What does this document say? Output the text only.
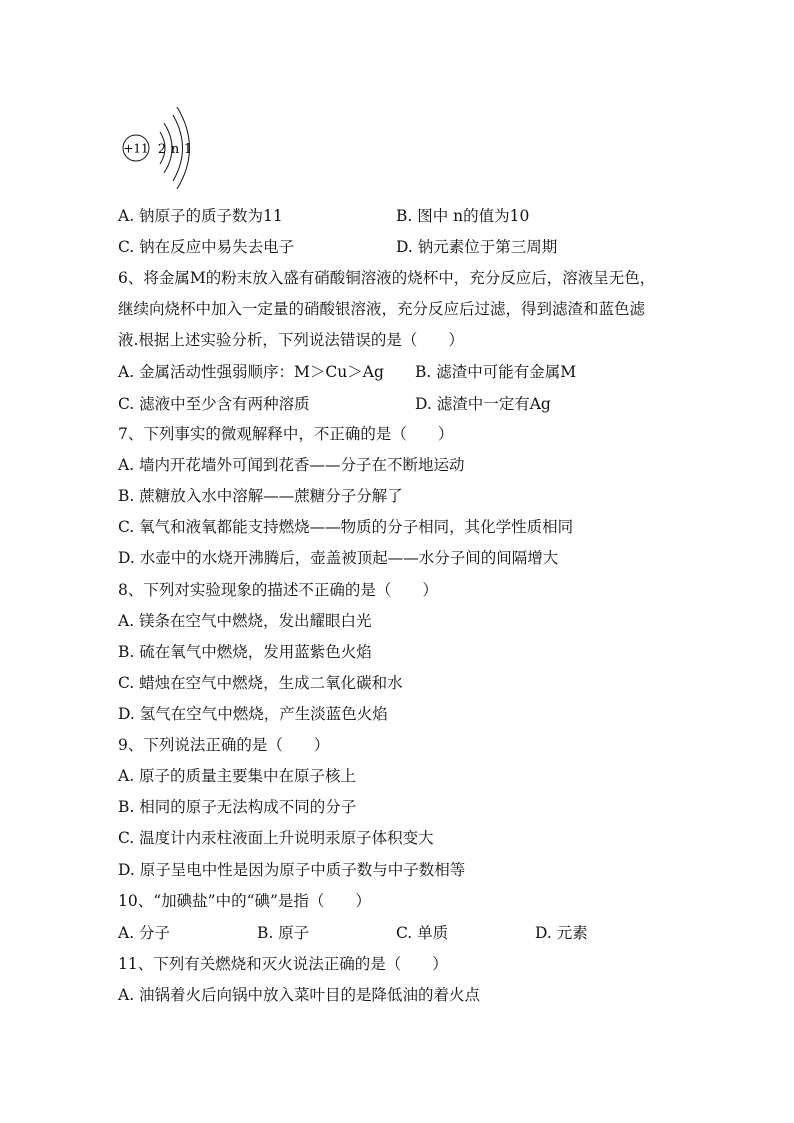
+11 2 n 1
A. 钠原子的质子数为11	B. 图中 n的值为10
C. 钠在反应中易失去电子	D. 钠元素位于第三周期
6、将金属M的粉末放入盛有硝酸铜溶液的烧杯中，充分反应后，溶液呈无色，
继续向烧杯中加入一定量的硝酸银溶液，充分反应后过滤，得到滤渣和蓝色滤
液.根据上述实验分析，下列说法错误的是（　　）
A. 金属活动性强弱顺序：M＞Cu＞Ag B. 滤渣中可能有金属M
C. 滤液中至少含有两种溶质	D. 滤渣中一定有Ag
7、下列事实的微观解释中，不正确的是（　　）
A. 墙内开花墙外可闻到花香——分子在不断地运动
B. 蔗糖放入水中溶解——蔗糖分子分解了
C. 氧气和液氧都能支持燃烧——物质的分子相同，其化学性质相同
D. 水壶中的水烧开沸腾后，壶盖被顶起——水分子间的间隔增大
8、下列对实验现象的描述不正确的是（　　）
A. 镁条在空气中燃烧，发出耀眼白光
B. 硫在氧气中燃烧，发用蓝紫色火焰
C. 蜡烛在空气中燃烧，生成二氧化碳和水
D. 氢气在空气中燃烧，产生淡蓝色火焰
9、下列说法正确的是（　　）
A. 原子的质量主要集中在原子核上
B. 相同的原子无法构成不同的分子
C. 温度计内汞柱液面上升说明汞原子体积变大
D. 原子呈电中性是因为原子中质子数与中子数相等
10、“加碘盐”中的“碘”是指（　　）
A. 分子	B. 原子	C. 单质	D. 元素
11、下列有关燃烧和灭火说法正确的是（　　）
A. 油锅着火后向锅中放入菜叶目的是降低油的着火点
